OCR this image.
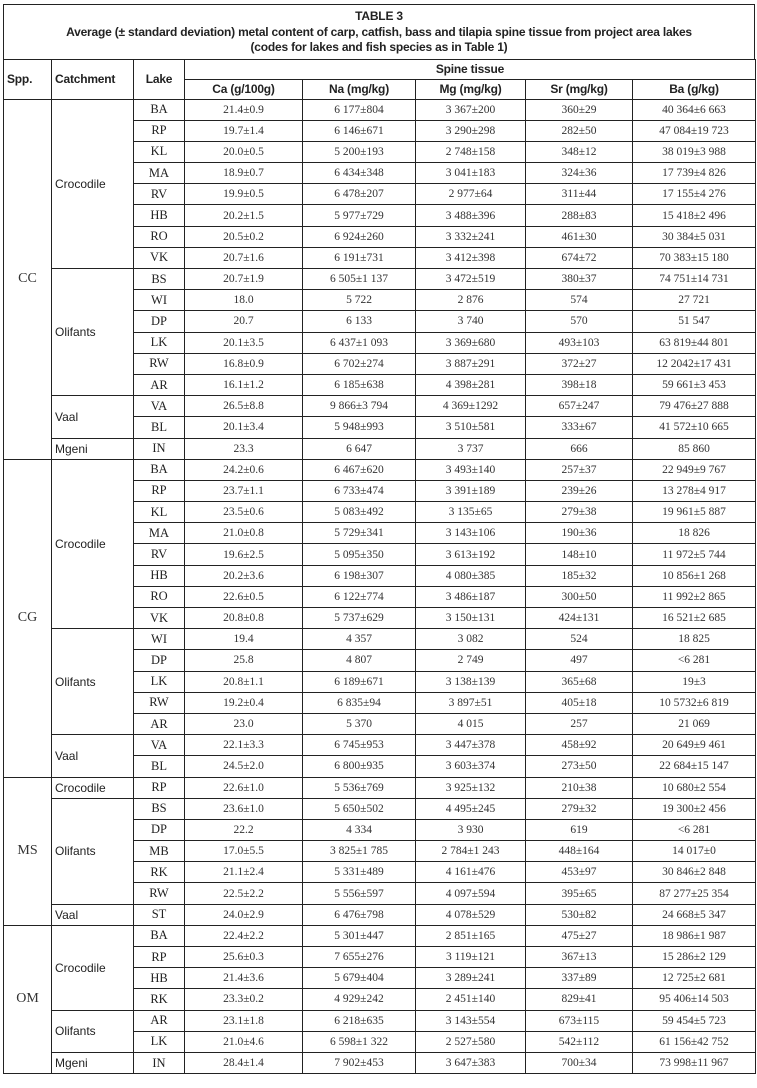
TABLE 3
Average (± standard deviation) metal content of carp, catfish, bass and tilapia spine tissue from project area lakes
(codes for lakes and fish species as in Table 1)
Spp.	Catchment	Lake	Spine tissue				
			Ca (g/100g)	Na (mg/kg)	Mg (mg/kg)	Sr (mg/kg)	Ba (g/kg)
CC	Crocodile	BA	21.4±0.9	6 177±804	3 367±200	360±29	40 364±6 663
		RP	19.7±1.4	6 146±671	3 290±298	282±50	47 084±19 723
		KL	20.0±0.5	5 200±193	2 748±158	348±12	38 019±3 988
		MA	18.9±0.7	6 434±348	3 041±183	324±36	17 739±4 826
		RV	19.9±0.5	6 478±207	2 977±64	311±44	17 155±4 276
		HB	20.2±1.5	5 977±729	3 488±396	288±83	15 418±2 496
		RO	20.5±0.2	6 924±260	3 332±241	461±30	30 384±5 031
		VK	20.7±1.6	6 191±731	3 412±398	674±72	70 383±15 180
	Olifants	BS	20.7±1.9	6 505±1 137	3 472±519	380±37	74 751±14 731
		WI	18.0	5 722	2 876	574	27 721
		DP	20.7	6 133	3 740	570	51 547
		LK	20.1±3.5	6 437±1 093	3 369±680	493±103	63 819±44 801
		RW	16.8±0.9	6 702±274	3 887±291	372±27	12 2042±17 431
		AR	16.1±1.2	6 185±638	4 398±281	398±18	59 661±3 453
	Vaal	VA	26.5±8.8	9 866±3 794	4 369±1292	657±247	79 476±27 888
		BL	20.1±3.4	5 948±993	3 510±581	333±67	41 572±10 665
	Mgeni	IN	23.3	6 647	3 737	666	85 860
CG	Crocodile	BA	24.2±0.6	6 467±620	3 493±140	257±37	22 949±9 767
		RP	23.7±1.1	6 733±474	3 391±189	239±26	13 278±4 917
		KL	23.5±0.6	5 083±492	3 135±65	279±38	19 961±5 887
		MA	21.0±0.8	5 729±341	3 143±106	190±36	18 826
		RV	19.6±2.5	5 095±350	3 613±192	148±10	11 972±5 744
		HB	20.2±3.6	6 198±307	4 080±385	185±32	10 856±1 268
		RO	22.6±0.5	6 122±774	3 486±187	300±50	11 992±2 865
		VK	20.8±0.8	5 737±629	3 150±131	424±131	16 521±2 685
	Olifants	WI	19.4	4 357	3 082	524	18 825
		DP	25.8	4 807	2 749	497	<6 281
		LK	20.8±1.1	6 189±671	3 138±139	365±68	19±3
		RW	19.2±0.4	6 835±94	3 897±51	405±18	10 5732±6 819
		AR	23.0	5 370	4 015	257	21 069
	Vaal	VA	22.1±3.3	6 745±953	3 447±378	458±92	20 649±9 461
		BL	24.5±2.0	6 800±935	3 603±374	273±50	22 684±15 147
MS	Crocodile	RP	22.6±1.0	5 536±769	3 925±132	210±38	10 680±2 554
	Olifants	BS	23.6±1.0	5 650±502	4 495±245	279±32	19 300±2 456
		DP	22.2	4 334	3 930	619	<6 281
		MB	17.0±5.5	3 825±1 785	2 784±1 243	448±164	14 017±0
		RK	21.1±2.4	5 331±489	4 161±476	453±97	30 846±2 848
		RW	22.5±2.2	5 556±597	4 097±594	395±65	87 277±25 354
	Vaal	ST	24.0±2.9	6 476±798	4 078±529	530±82	24 668±5 347
OM	Crocodile	BA	22.4±2.2	5 301±447	2 851±165	475±27	18 986±1 987
		RP	25.6±0.3	7 655±276	3 119±121	367±13	15 286±2 129
		HB	21.4±3.6	5 679±404	3 289±241	337±89	12 725±2 681
		RK	23.3±0.2	4 929±242	2 451±140	829±41	95 406±14 503
	Olifants	AR	23.1±1.8	6 218±635	3 143±554	673±115	59 454±5 723
		LK	21.0±4.6	6 598±1 322	2 527±580	542±112	61 156±42 752
	Mgeni	IN	28.4±1.4	7 902±453	3 647±383	700±34	73 998±11 967
